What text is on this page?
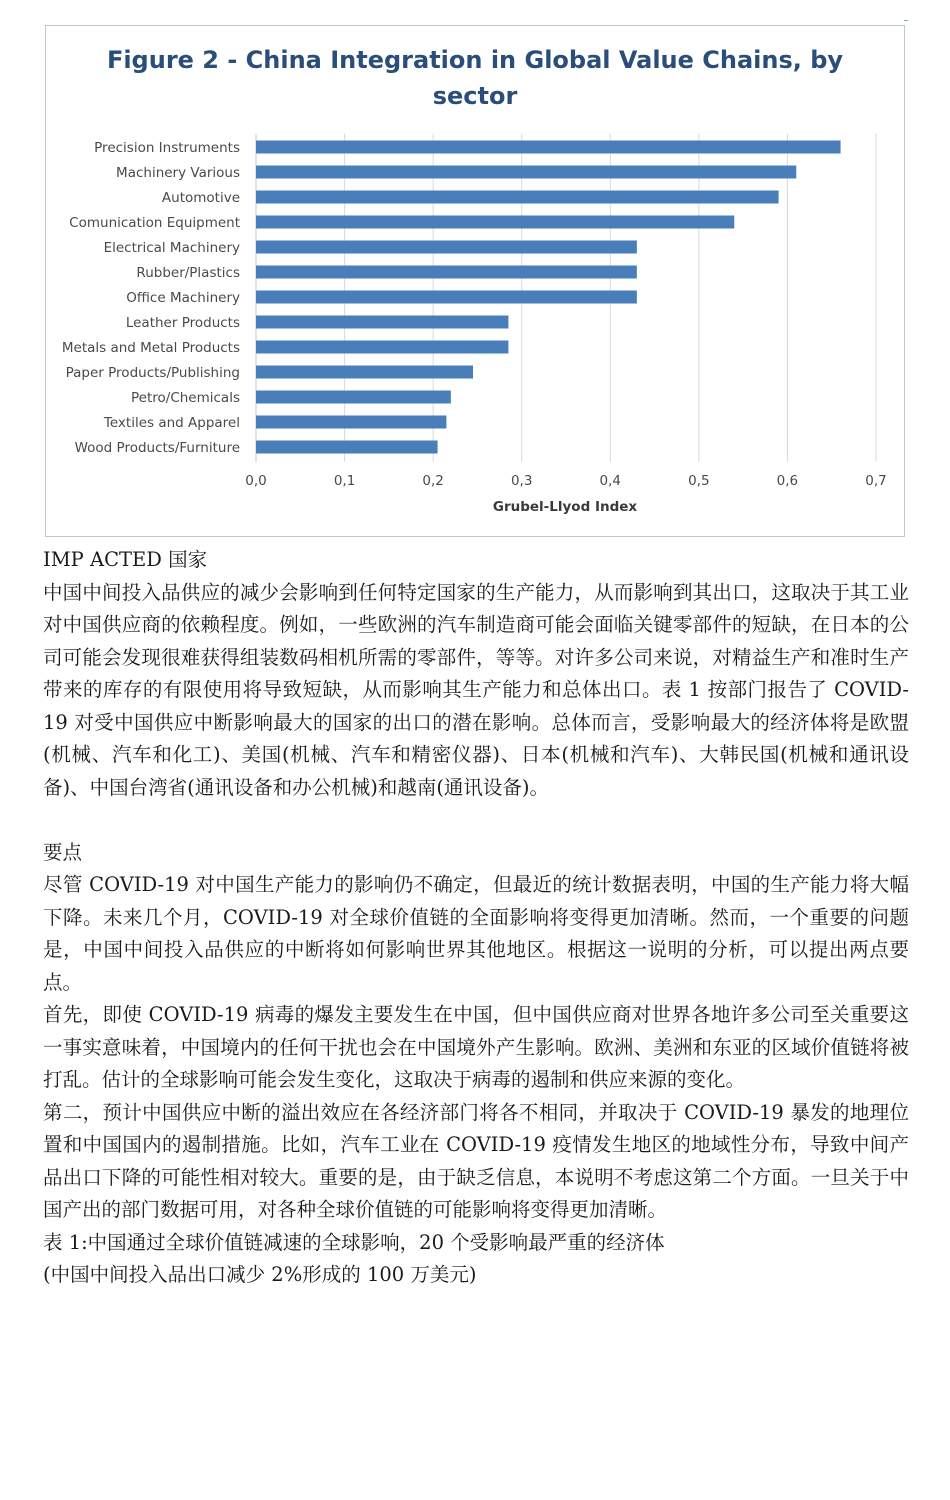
Figure 2 - China Integration in Global Value Chains, by
sector
Precision Instruments
Machinery Various
Automotive
Comunication Equipment
Electrical Machinery
Rubber/Plastics
Office Machinery
Leather Products
Metals and Metal Products
Paper Products/Publishing
Petro/Chemicals
Textiles and Apparel
Wood Products/Furniture
0,0	0,1	0,2	0,3	0,4	0,5	0,6	0,7
Grubel-Llyod Index

IMP ACTED 国家

中国中间投入品供应的减少会影响到任何特定国家的生产能力，从而影响到其出口，这取决于其工业对中国供应商的依赖程度。例如，一些欧洲的汽车制造商可能会面临关键零部件的短缺，在日本的公司可能会发现很难获得组装数码相机所需的零部件，等等。对许多公司来说，对精益生产和准时生产带来的库存的有限使用将导致短缺，从而影响其生产能力和总体出口。表 1 按部门报告了 COVID-19 对受中国供应中断影响最大的国家的出口的潜在影响。总体而言，受影响最大的经济体将是欧盟(机械、汽车和化工)、美国(机械、汽车和精密仪器)、日本(机械和汽车)、大韩民国(机械和通讯设备)、中国台湾省(通讯设备和办公机械)和越南(通讯设备)。

要点

尽管 COVID-19 对中国生产能力的影响仍不确定，但最近的统计数据表明，中国的生产能力将大幅下降。未来几个月，COVID-19 对全球价值链的全面影响将变得更加清晰。然而，一个重要的问题是，中国中间投入品供应的中断将如何影响世界其他地区。根据这一说明的分析，可以提出两点要点。

首先，即使 COVID-19 病毒的爆发主要发生在中国，但中国供应商对世界各地许多公司至关重要这一事实意味着，中国境内的任何干扰也会在中国境外产生影响。欧洲、美洲和东亚的区域价值链将被打乱。估计的全球影响可能会发生变化，这取决于病毒的遏制和供应来源的变化。

第二，预计中国供应中断的溢出效应在各经济部门将各不相同，并取决于 COVID-19 暴发的地理位置和中国国内的遏制措施。比如，汽车工业在 COVID-19 疫情发生地区的地域性分布，导致中间产品出口下降的可能性相对较大。重要的是，由于缺乏信息，本说明不考虑这第二个方面。一旦关于中国产出的部门数据可用，对各种全球价值链的可能影响将变得更加清晰。

表 1:中国通过全球价值链减速的全球影响，20 个受影响最严重的经济体

(中国中间投入品出口减少 2%形成的 100 万美元)
